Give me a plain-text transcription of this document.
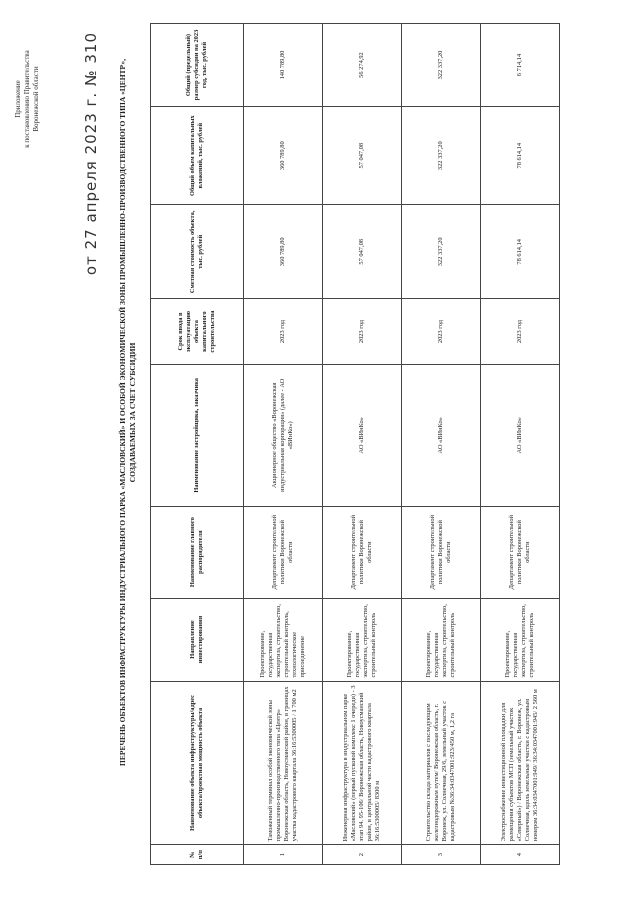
Приложение к постановлению Правительства Воронежской области
от 27 апреля 2023 г. № 310
ПЕРЕЧЕНЬ ОБЪЕКТОВ ИНФРАСТРУКТУРЫ ИНДУСТРИАЛЬНОГО ПАРКА «МАСЛОВСКИЙ» И ОСОБОЙ ЭКОНОМИЧЕСКОЙ ЗОНЫ ПРОМЫШЛЕННО-ПРОИЗВОДСТВЕННОГО ТИПА «ЦЕНТР», СОЗДАВАЕМЫХ ЗА СЧЕТ СУБСИДИИ
№ п/п	Наименование объекта инфраструктуры/адрес объекта/проектная мощность объекта	Направление инвестирования	Наименование главного распорядителя	Наименование застройщика, заказчика	Срок ввода в эксплуатацию объекта капитального строительства	Сметная стоимость объекта, тыс. рублей	Общий объем капитальных вложений, тыс. рублей	Общий (предельный) размер субсидии на 2023 год, тыс. рублей
1	Таможенный терминал особой экономической зоны промышленно-производственного типа «Центр» Воронежская область, Новоусманский район, в границах участка кадастрового квартала 36:16:5300005 / 1 700 м2	Проектирование, государственная экспертиза, строительство, строительный контроль, технологическое присоединение	Департамент строительной политики Воронежской области	Акционерное общество «Воронежская индустриальная корпорация» (далее - АО «ВИнКо»)	2023 год	360 789,80	360 789,80	140 789,80
2	Инженерная инфраструктура в индустриальном парке «Масловский» (первый пусковой комплекс 1 очереди) - 3 этап 94. 95-106/ Воронежская область, Новоусманский район, в центральной части кадастрового квартала 36:16:5300005/ 8300 м	Проектирование, государственная экспертиза, строительство, строительный контроль	Департамент строительной политики Воронежской области	АО «ВИнКо»	2023 год	57 047,08	57 047,08	56 274,92
3	Строительство склада материалов с последующим железнодорожным путем/ Воронежская область, г. Воронеж, ул. Солнечная, 29/6, земельный участок с кадастровым №36:34:0347001:923/450 м, 1,2 га	Проектирование, государственная экспертиза, строительство, строительный контроль	Департамент строительной политики Воронежской области	АО «ВИнКо»	2023 год	322 337,20	322 337,20	322 337,20
4	Электроснабжение инвестиционной площадки для размещения субъектов МСП (земельный участок «Северный») / Воронежская область, г. Воронеж, ул. Солнечная, вдоль земельные участки с кадастровым номером 36:34:0347001:949/ 36:34:0347001:945/ 2 560 м	Проектирование, государственная экспертиза, строительство, строительный контроль	Департамент строительной политики Воронежской области	АО «ВИнКо»	2023 год	78 614,14	78 614,14	6 714,14
